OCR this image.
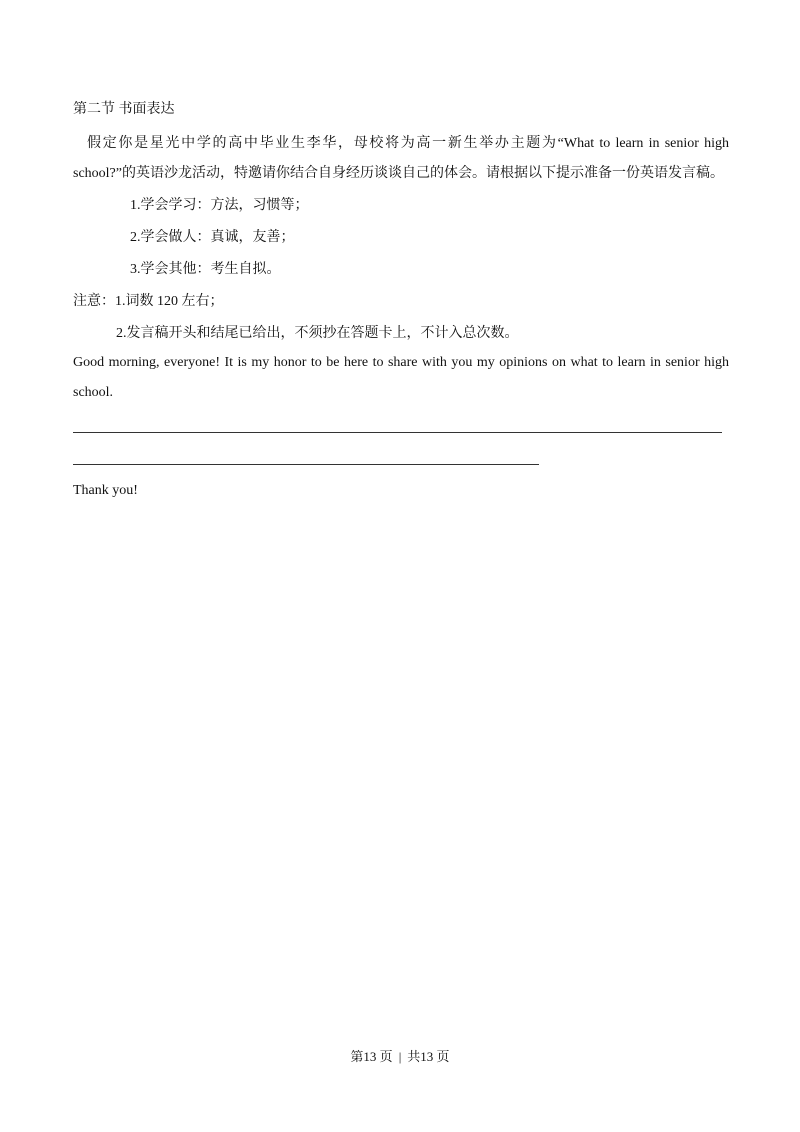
第二节 书面表达
假定你是星光中学的高中毕业生李华，母校将为高一新生举办主题为“What to learn in senior high school?”的英语沙龙活动，特邀请你结合自身经历谈谈自己的体会。请根据以下提示准备一份英语发言稿。
1.学会学习：方法，习惯等；
2.学会做人：真诚，友善；
3.学会其他：考生自拟。
注意：1.词数 120 左右；
2.发言稿开头和结尾已给出，不须抄在答题卡上，不计入总次数。
Good morning, everyone! It is my honor to be here to share with you my opinions on what to learn in senior high school.
Thank you!
第13 页 | 共13 页
